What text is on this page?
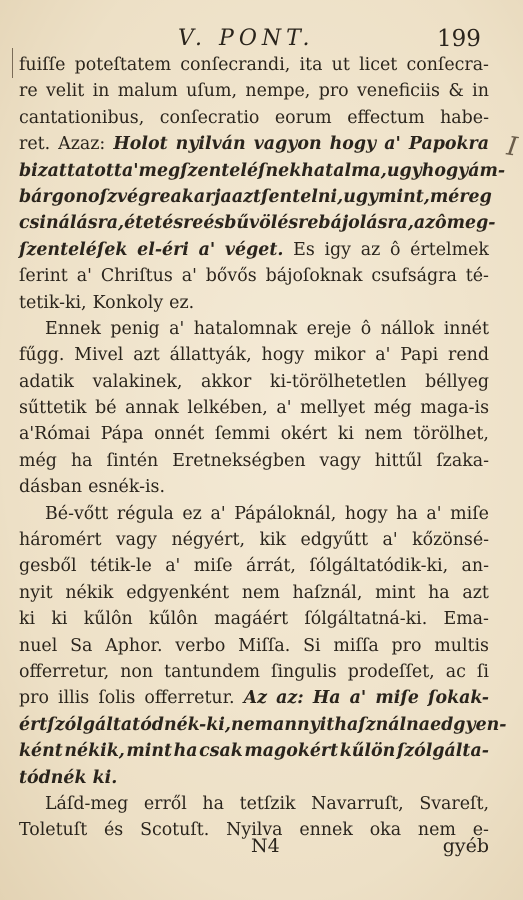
V. PONT.	199
I
fuiſſe poteſtatem conſecrandi, ita ut licet conſecra-
re velit in malum uſum, nempe, pro veneficiis & in
cantationibus, conſecratio eorum effectum habe-
ret. Azaz: Holot nyilván vagyon hogy a' Papokra
bizattatott a' meg ſzenteléſnek hatalma, ugy hogy ám-
bár gonoſz végre akarja azt ſentelni, ugymint, méreg
csinálásra, étetésre és bűvölésre bájolásra, az ô meg-
ſzenteléſek el-éri a' véget. Es igy az ô értelmek
ſerint a' Chriſtus a' bővős bájoſoknak csufságra té-
tetik-ki, Konkoly ez.
Ennek penig a' hatalomnak ereje ô nállok innét
fűgg. Mivel azt állattyák, hogy mikor a' Papi rend
adatik valakinek, akkor ki-törölhetetlen béllyeg
sűttetik bé annak lelkében, a' mellyet még maga-is
a'Római Pápa onnét ſemmi okért ki nem törölhet,
még ha ſintén Eretnekségben vagy hittűl ſzaka-
dásban esnék-is.
Bé-vőtt régula ez a' Pápáloknál, hogy ha a' miſe
háromért vagy négyért, kik edgyűtt a' kőzönsé-
gesből tétik-le a' miſe árrát, ſólgáltatódik-ki, an-
nyit nékik edgyenként nem haſznál, mint ha azt
ki ki kűlôn kűlôn magáért ſólgáltatná-ki. Ema-
nuel Sa Aphor. verbo Miſſa. Si miſſa pro multis
offerretur, non tantundem ſingulis prodeſſet, ac ſi
pro illis ſolis offerretur. Az az: Ha a' miſe ſokak-
ért ſzólgáltatódnék-ki, nem annyit haſználna edgyen-
ként nékik, mint ha csak magokért kűlön ſzólgálta-
tódnék ki.
Láſd-meg erről ha tetſzik Navarruſt, Svareſt,
Toletuſt és Scotuſt. Nyilva ennek oka nem e-
N4	gyéb
